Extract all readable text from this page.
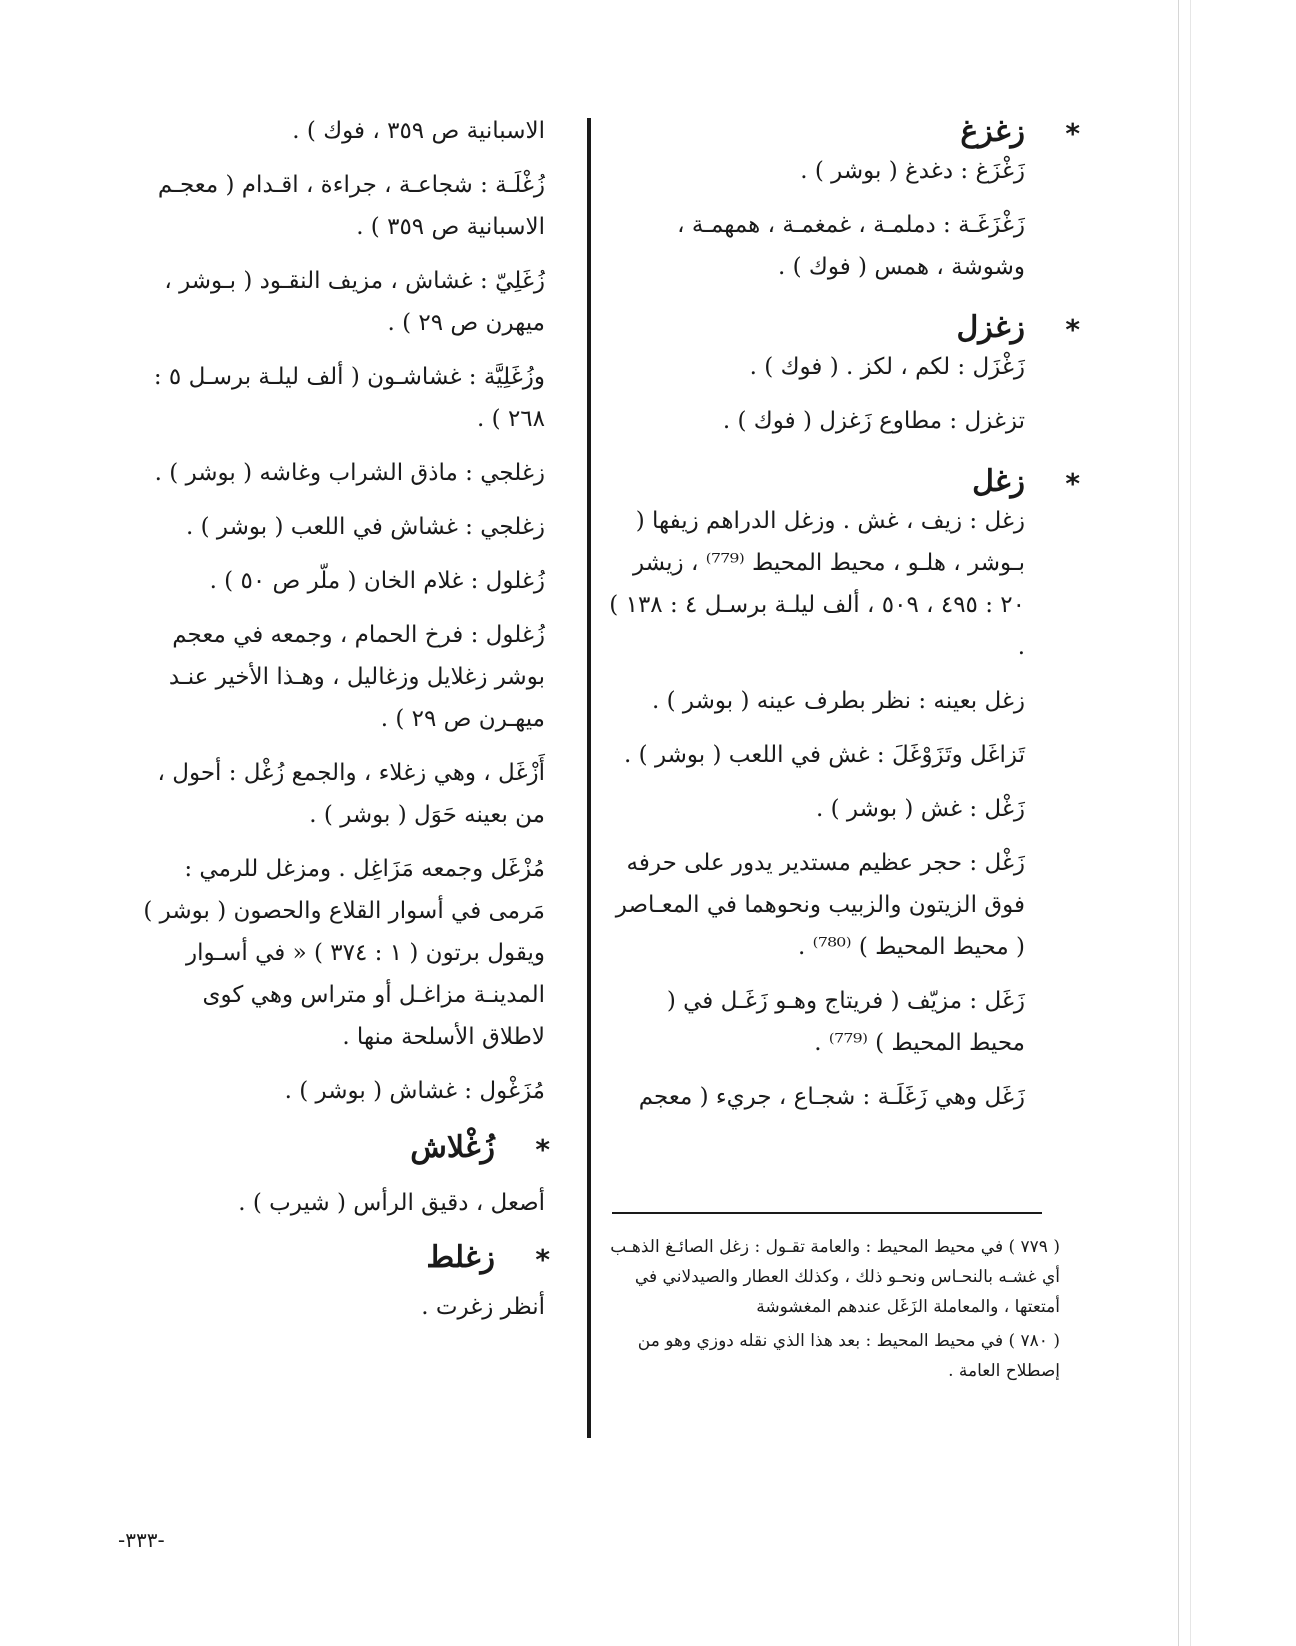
*
زغزغ

زَغْزَغ : دغدغ ( بوشر ) .

زَغْزَغَـة : دملمـة ، غمغمـة ، همهمـة ، وشوشة ، همس ( فوك ) .

*
زغزل

زَغْزَل : لكم ، لكز . ( فوك ) .

تزغزل : مطاوع زَغزل ( فوك ) .

*
زغل

زغل : زيف ، غش . وزغل الدراهم زيفها ( بـوشر ، هلـو ، محيط المحيط ⁽⁷⁷⁹⁾ ، زيشر ٢٠ : ٤٩٥ ، ٥٠٩ ، ألف ليلـة برسـل ٤ : ١٣٨ ) .

زغل بعينه : نظر بطرف عينه ( بوشر ) .

تَزاغَل وتَزَوْغَلَ : غش في اللعب ( بوشر ) .

زَغْل : غش ( بوشر ) .

زَغْل : حجر عظيم مستدير يدور على حرفه فوق الزيتون والزبيب ونحوهما في المعـاصر ( محيط المحيط ) ⁽⁷⁸⁰⁾ .

زَغَل : مزيّف ( فريتاج وهـو زَغَـل في ( محيط المحيط ) ⁽⁷⁷⁹⁾ .

زَغَل وهي زَغَلَـة : شجـاع ، جريء ( معجم

الاسبانية ص ٣٥٩ ، فوك ) .

زُغْلَـة : شجاعـة ، جراءة ، اقـدام ( معجـم الاسبانية ص ٣٥٩ ) .

زُغَلِيّ : غشاش ، مزيف النقـود ( بـوشر ، ميهرن ص ٢٩ ) .

وزُغَلِيَّة : غشاشـون ( ألف ليلـة برسـل ٥ : ٢٦٨ ) .

زغلجي : ماذق الشراب وغاشه ( بوشر ) .

زغلجي : غشاش في اللعب ( بوشر ) .

زُغلول : غلام الخان ( ملّر ص ٥٠ ) .

زُغلول : فرخ الحمام ، وجمعه في معجم بوشر زغلايل وزغاليل ، وهـذا الأخير عنـد ميهـرن ص ٢٩ ) .

أَزْغَل ، وهي زغلاء ، والجمع زُغْل : أحول ، من بعينه حَوَل ( بوشر ) .

مُزْغَل وجمعه مَزَاغِل . ومزغل للرمي : مَرمى في أسوار القلاع والحصون ( بوشر ) ويقول برتون ( ١ : ٣٧٤ ) « في أسـوار المدينـة مزاغـل أو متراس وهي كوى لاطلاق الأسلحة منها .

مُزَغْول : غشاش ( بوشر ) .

*
زُغْلاش

أصعل ، دقيق الرأس ( شيرب ) .

*
زغلط

أنظر زغرت .

( ٧٧٩ ) في محيط المحيط : والعامة تقـول : زغل الصائـغ الذهـب أي غشـه بالنحـاس ونحـو ذلك ، وكذلك العطار والصيدلاني في أمتعتها ، والمعاملة الزَغَل عندهم المغشوشة

( ٧٨٠ ) في محيط المحيط : بعد هذا الذي نقله دوزي وهو من إصطلاح العامة .

-٣٣٣-
